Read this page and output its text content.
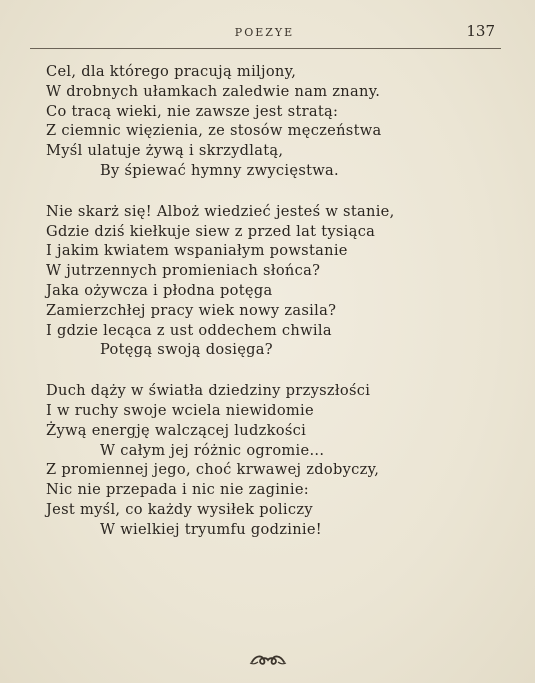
POEZYE	137
Cel, dla którego pracują miljony,
W drobnych ułamkach zaledwie nam znany.
Co tracą wieki, nie zawsze jest stratą:
Z ciemnic więzienia, ze stosów męczeństwa
Myśl ulatuje żywą i skrzydlatą,
By śpiewać hymny zwycięstwa.
Nie skarż się! Alboż wiedzieć jesteś w stanie,
Gdzie dziś kiełkuje siew z przed lat tysiąca
I jakim kwiatem wspaniałym powstanie
W jutrzennych promieniach słońca?
Jaka ożywcza i płodna potęga
Zamierzchłej pracy wiek nowy zasila?
I gdzie lecąca z ust oddechem chwila
Potęgą swoją dosięga?
Duch dąży w światła dziedziny przyszłości
I w ruchy swoje wciela niewidomie
Żywą energję walczącej ludzkości
W całym jej różnic ogromie...
Z promiennej jego, choć krwawej zdobyczy,
Nic nie przepada i nic nie zaginie:
Jest myśl, co każdy wysiłek policzy
W wielkiej tryumfu godzinie!
